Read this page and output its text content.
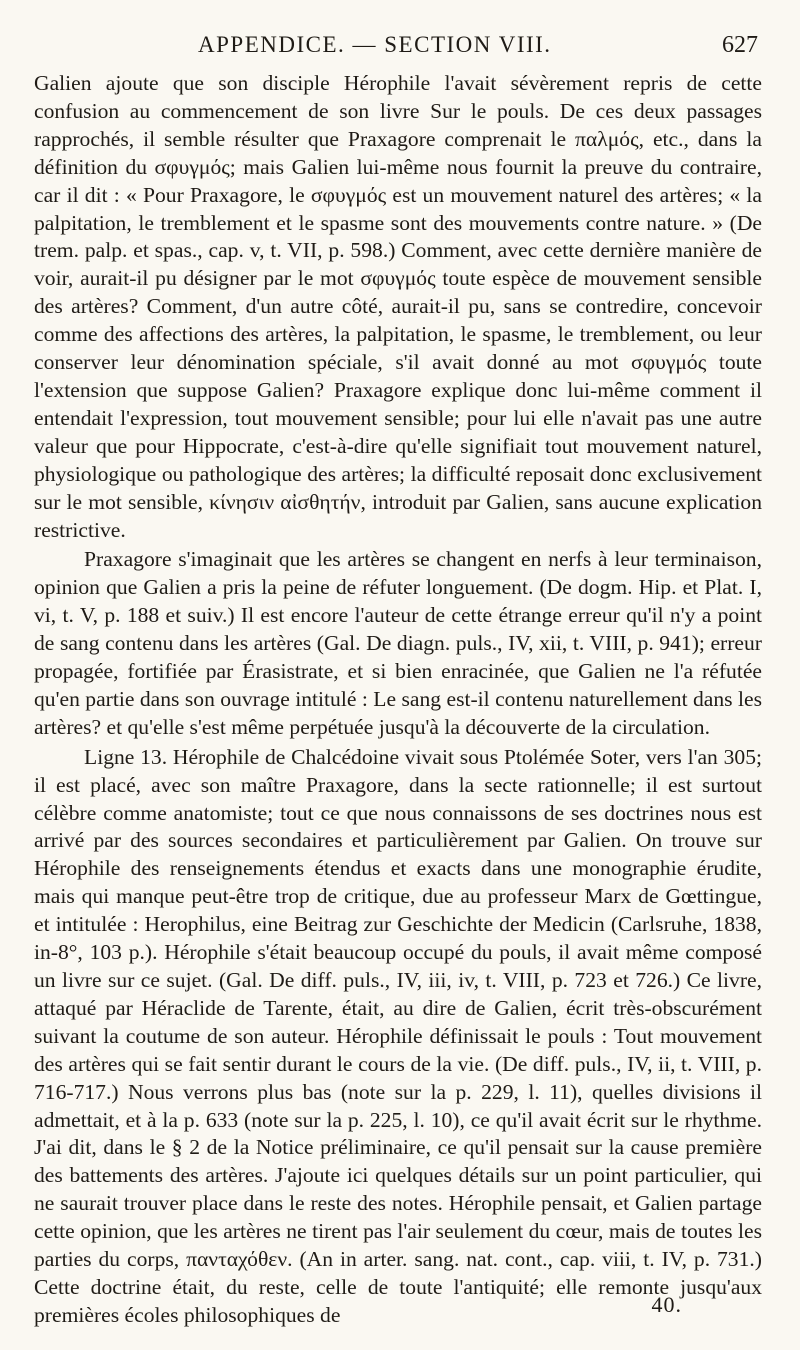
APPENDICE. — SECTION VIII.	627

Galien ajoute que son disciple Hérophile l'avait sévèrement repris de cette confusion au commencement de son livre Sur le pouls. De ces deux passages rapprochés, il semble résulter que Praxagore comprenait le παλμός, etc., dans la définition du σφυγμός; mais Galien lui-même nous fournit la preuve du contraire, car il dit : « Pour Praxagore, le σφυγμός est un mouvement naturel des artères; « la palpitation, le tremblement et le spasme sont des mouvements contre nature. » (De trem. palp. et spas., cap. v, t. VII, p. 598.) Comment, avec cette dernière manière de voir, aurait-il pu désigner par le mot σφυγμός toute espèce de mouvement sensible des artères? Comment, d'un autre côté, aurait-il pu, sans se contredire, concevoir comme des affections des artères, la palpitation, le spasme, le tremblement, ou leur conserver leur dénomination spéciale, s'il avait donné au mot σφυγμός toute l'extension que suppose Galien? Praxagore explique donc lui-même comment il entendait l'expression, tout mouvement sensible; pour lui elle n'avait pas une autre valeur que pour Hippocrate, c'est-à-dire qu'elle signifiait tout mouvement naturel, physiologique ou pathologique des artères; la difficulté reposait donc exclusivement sur le mot sensible, κίνησιν αἰσθητήν, introduit par Galien, sans aucune explication restrictive.

Praxagore s'imaginait que les artères se changent en nerfs à leur terminaison, opinion que Galien a pris la peine de réfuter longuement. (De dogm. Hip. et Plat. I, vi, t. V, p. 188 et suiv.) Il est encore l'auteur de cette étrange erreur qu'il n'y a point de sang contenu dans les artères (Gal. De diagn. puls., IV, xii, t. VIII, p. 941); erreur propagée, fortifiée par Érasistrate, et si bien enracinée, que Galien ne l'a réfutée qu'en partie dans son ouvrage intitulé : Le sang est-il contenu naturellement dans les artères? et qu'elle s'est même perpétuée jusqu'à la découverte de la circulation.

Ligne 13. Hérophile de Chalcédoine vivait sous Ptolémée Soter, vers l'an 305; il est placé, avec son maître Praxagore, dans la secte rationnelle; il est surtout célèbre comme anatomiste; tout ce que nous connaissons de ses doctrines nous est arrivé par des sources secondaires et particulièrement par Galien. On trouve sur Hérophile des renseignements étendus et exacts dans une monographie érudite, mais qui manque peut-être trop de critique, due au professeur Marx de Gœttingue, et intitulée : Herophilus, eine Beitrag zur Geschichte der Medicin (Carlsruhe, 1838, in-8°, 103 p.). Hérophile s'était beaucoup occupé du pouls, il avait même composé un livre sur ce sujet. (Gal. De diff. puls., IV, iii, iv, t. VIII, p. 723 et 726.) Ce livre, attaqué par Héraclide de Tarente, était, au dire de Galien, écrit très-obscurément suivant la coutume de son auteur. Hérophile définissait le pouls : Tout mouvement des artères qui se fait sentir durant le cours de la vie. (De diff. puls., IV, ii, t. VIII, p. 716-717.) Nous verrons plus bas (note sur la p. 229, l. 11), quelles divisions il admettait, et à la p. 633 (note sur la p. 225, l. 10), ce qu'il avait écrit sur le rhythme. J'ai dit, dans le § 2 de la Notice préliminaire, ce qu'il pensait sur la cause première des battements des artères. J'ajoute ici quelques détails sur un point particulier, qui ne saurait trouver place dans le reste des notes. Hérophile pensait, et Galien partage cette opinion, que les artères ne tirent pas l'air seulement du cœur, mais de toutes les parties du corps, πανταχόθεν. (An in arter. sang. nat. cont., cap. viii, t. IV, p. 731.) Cette doctrine était, du reste, celle de toute l'antiquité; elle remonte jusqu'aux premières écoles philosophiques de	40.
